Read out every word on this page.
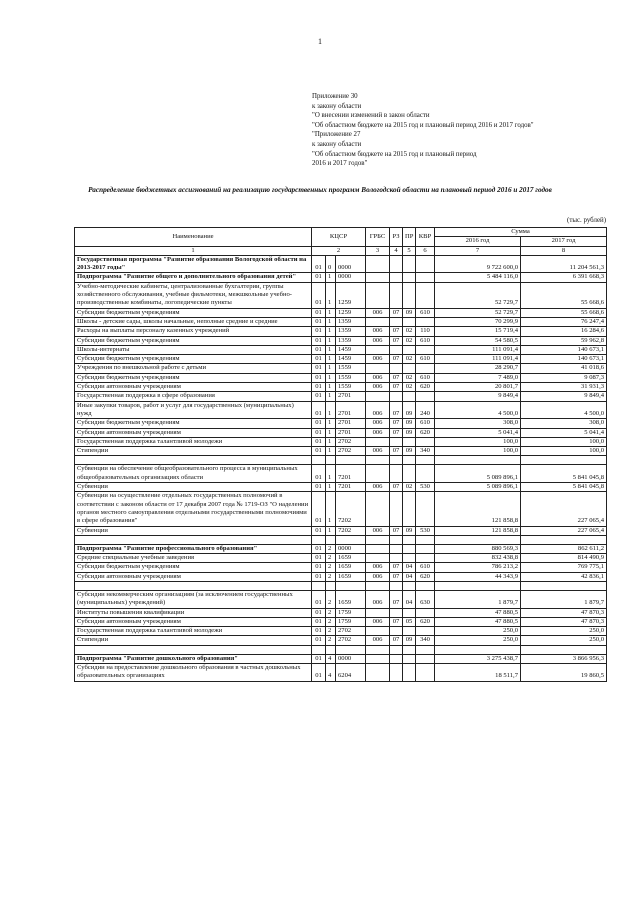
1
Приложение 30
к закону области
"О внесении изменений в закон области
"Об областном бюджете на 2015 год и плановый период 2016 и 2017 годов"
"Приложение 27
к закону области
"Об областном бюджете на 2015 год и плановый период
2016 и 2017 годов"
Распределение бюджетных ассигнований на реализацию государственных программ Вологодской области на плановый период 2016 и 2017 годов
(тыс. рублей)
Наименование	КЦСР			ГРБС	РЗ	ПР	КВР	Сумма	
								2016 год	2017 год
1	2			3	4	5	6	7	8
Государственная программа "Развитие образования Вологодской области на 2013-2017 годы"	01	0	0000					9 722 600,0	11 204 561,3
Подпрограмма "Развитие общего и дополнительного образования детей"	01	1	0000					5 484 116,0	6 391 668,3
Учебно-методические кабинеты, централизованные бухгалтерии, группы хозяйственного обслуживания, учебные фильмотеки, межшкольные учебно-производственные комбинаты, логопедические пункты	01	1	1259					52 729,7	55 668,6
Субсидии бюджетным учреждениям	01	1	1259	006	07	09	610	52 729,7	55 668,6
Школы - детские сады, школы начальные, неполные средние и средние	01	1	1359					70 299,9	76 247,4
Расходы на выплаты персоналу казенных учреждений	01	1	1359	006	07	02	110	15 719,4	16 284,6
Субсидии бюджетным учреждениям	01	1	1359	006	07	02	610	54 580,5	59 962,8
Школы-интернаты	01	1	1459					111 091,4	140 673,1
Субсидии бюджетным учреждениям	01	1	1459	006	07	02	610	111 091,4	140 673,1
Учреждения по внешкольной работе с детьми	01	1	1559					28 290,7	41 018,6
Субсидии бюджетным учреждениям	01	1	1559	006	07	02	610	7 489,0	9 087,3
Субсидии автономным учреждениям	01	1	1559	006	07	02	620	20 801,7	31 931,3
Государственная поддержка в сфере образования	01	1	2701					9 849,4	9 849,4
Иные закупки товаров, работ и услуг для государственных (муниципальных) нужд	01	1	2701	006	07	09	240	4 500,0	4 500,0
Субсидии бюджетным учреждениям	01	1	2701	006	07	09	610	308,0	308,0
Субсидии автономным учреждениям	01	1	2701	006	07	09	620	5 041,4	5 041,4
Государственная поддержка талантливой молодежи	01	1	2702					100,0	100,0
Стипендии	01	1	2702	006	07	09	340	100,0	100,0

Субвенции на обеспечение общеобразовательного процесса в муниципальных общеобразовательных организациях области	01	1	7201					5 089 896,1	5 841 045,8
Субвенции	01	1	7201	006	07	02	530	5 089 896,1	5 841 045,8
Субвенции на осуществление отдельных государственных полномочий в соответствии с законом области от 17 декабря 2007 года № 1719-ОЗ "О наделении органов местного самоуправления отдельными государственными полномочиями в сфере образования"	01	1	7202					121 858,8	227 065,4
Субвенции	01	1	7202	006	07	09	530	121 858,8	227 065,4

Подпрограмма "Развитие профессионального образования"	01	2	0000					880 569,3	862 611,2
Средние специальные учебные заведения	01	2	1659					832 438,8	814 490,9
Субсидии бюджетным учреждениям	01	2	1659	006	07	04	610	786 213,2	769 775,1
Субсидии автономным учреждениям	01	2	1659	006	07	04	620	44 343,9	42 836,1

Субсидии некоммерческим организациям (за исключением государственных (муниципальных) учреждений)	01	2	1659	006	07	04	630	1 879,7	1 879,7
Институты повышения квалификации	01	2	1759					47 880,5	47 870,3
Субсидии автономным учреждениям	01	2	1759	006	07	05	620	47 880,5	47 870,3
Государственная поддержка талантливой молодежи	01	2	2702					250,0	250,0
Стипендии	01	2	2702	006	07	09	340	250,0	250,0

Подпрограмма "Развитие дошкольного образования"	01	4	0000					3 275 438,7	3 866 956,3
Субсидии на предоставление дошкольного образования в частных дошкольных образовательных организациях	01	4	6204					18 511,7	19 860,5
